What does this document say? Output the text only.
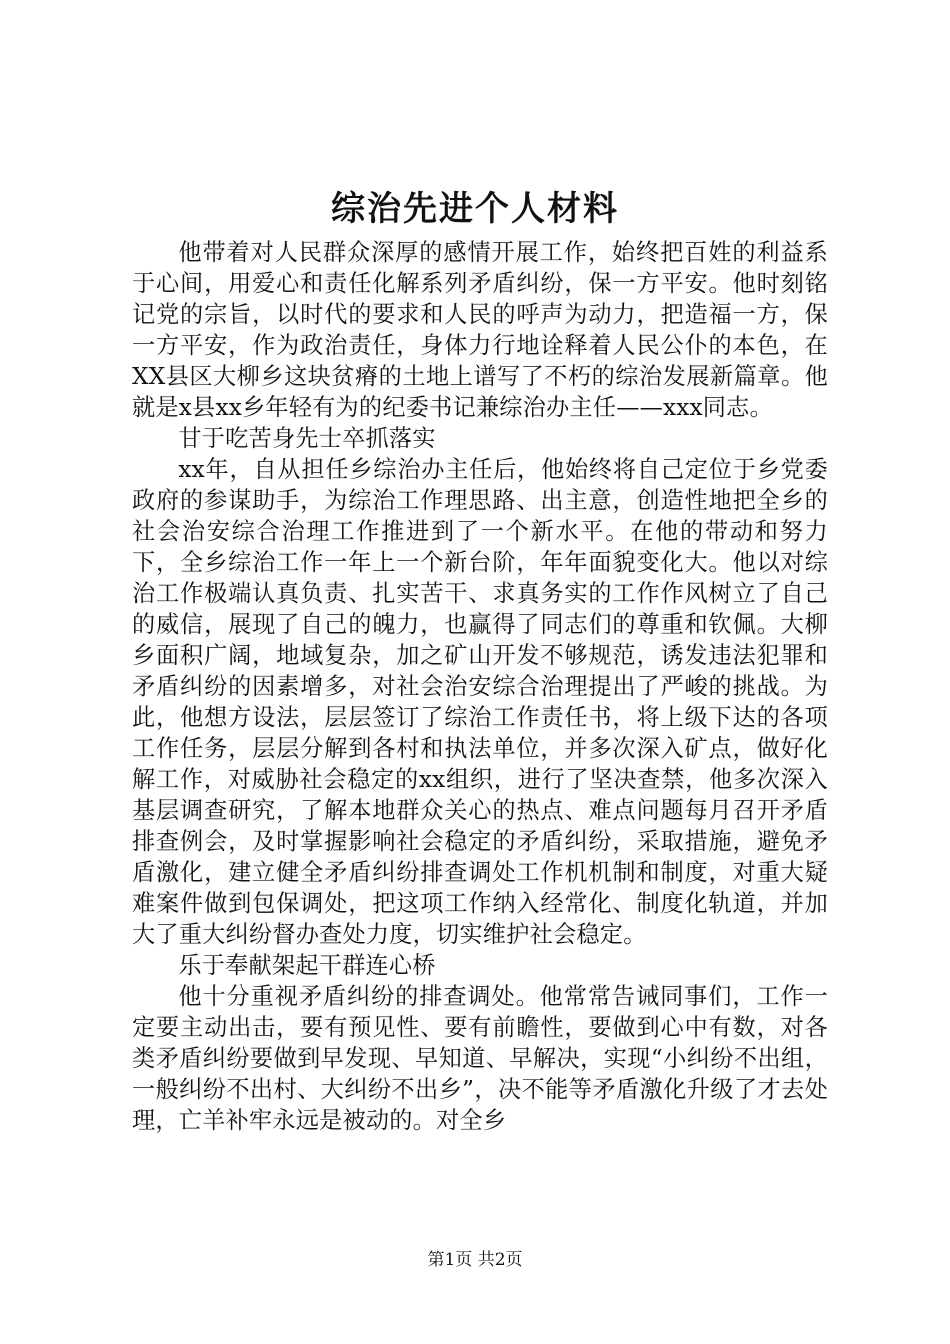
综治先进个人材料

他带着对人民群众深厚的感情开展工作，始终把百姓的利益系于心间，用爱心和责任化解系列矛盾纠纷，保一方平安。他时刻铭记党的宗旨，以时代的要求和人民的呼声为动力，把造福一方，保一方平安，作为政治责任，身体力行地诠释着人民公仆的本色，在XX县区大柳乡这块贫瘠的土地上谱写了不朽的综治发展新篇章。他就是x县xx乡年轻有为的纪委书记兼综治办主任——xxx同志。

甘于吃苦身先士卒抓落实

xx年，自从担任乡综治办主任后，他始终将自己定位于乡党委政府的参谋助手，为综治工作理思路、出主意，创造性地把全乡的社会治安综合治理工作推进到了一个新水平。在他的带动和努力下，全乡综治工作一年上一个新台阶，年年面貌变化大。他以对综治工作极端认真负责、扎实苦干、求真务实的工作作风树立了自己的威信，展现了自己的魄力，也赢得了同志们的尊重和钦佩。大柳乡面积广阔，地域复杂，加之矿山开发不够规范，诱发违法犯罪和矛盾纠纷的因素增多，对社会治安综合治理提出了严峻的挑战。为此，他想方设法，层层签订了综治工作责任书，将上级下达的各项工作任务，层层分解到各村和执法单位，并多次深入矿点，做好化解工作，对威胁社会稳定的xx组织，进行了坚决查禁，他多次深入基层调查研究，了解本地群众关心的热点、难点问题每月召开矛盾排查例会，及时掌握影响社会稳定的矛盾纠纷，采取措施，避免矛盾激化，建立健全矛盾纠纷排查调处工作机机制和制度，对重大疑难案件做到包保调处，把这项工作纳入经常化、制度化轨道，并加大了重大纠纷督办查处力度，切实维护社会稳定。

乐于奉献架起干群连心桥

他十分重视矛盾纠纷的排查调处。他常常告诫同事们，工作一定要主动出击，要有预见性、要有前瞻性，要做到心中有数，对各类矛盾纠纷要做到早发现、早知道、早解决，实现“小纠纷不出组，一般纠纷不出村、大纠纷不出乡”，决不能等矛盾激化升级了才去处理，亡羊补牢永远是被动的。对全乡

第1页 共2页
